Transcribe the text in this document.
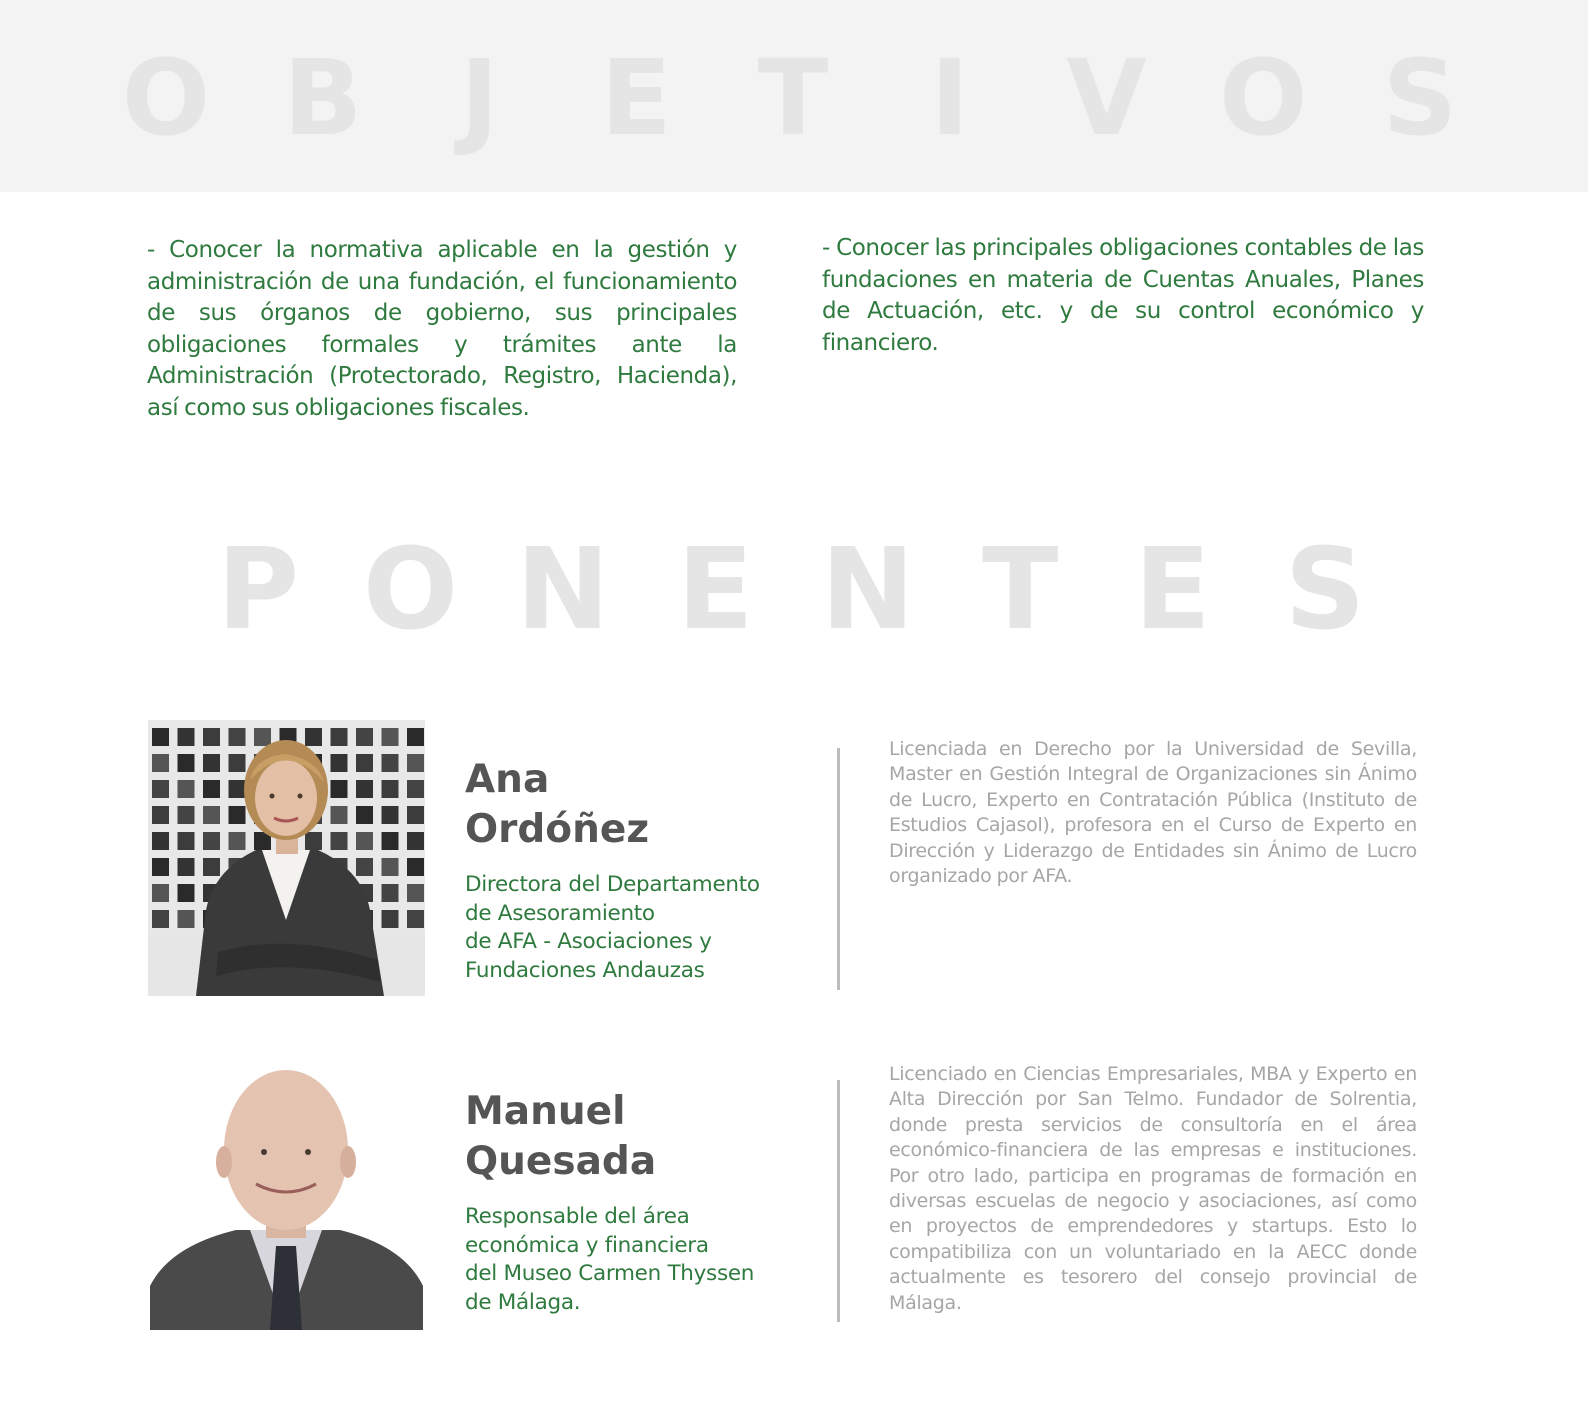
O B J E T I V O S

- Conocer la normativa aplicable en la gestión y administración de una fundación, el funcionamiento de sus órganos de gobierno, sus principales obligaciones formales y trámites ante la Administración (Protectorado, Registro, Hacienda), así como sus obligaciones fiscales.

- Conocer las principales obligaciones contables de las fundaciones en materia de Cuentas Anuales, Planes de Actuación, etc. y de su control económico y financiero.

P O N E N T E S
Ana
Ordóñez

Directora del Departamento
de Asesoramiento
de AFA - Asociaciones y
Fundaciones Andauzas

Licenciada en Derecho por la Universidad de Sevilla, Master en Gestión Integral de Organizaciones sin Ánimo de Lucro, Experto en Contratación Pública (Instituto de Estudios Cajasol), profesora en el Curso de Experto en Dirección y Liderazgo de Entidades sin Ánimo de Lucro organizado por AFA.

Manuel
Quesada

Responsable del área
económica y financiera
del Museo Carmen Thyssen
de Málaga.

Licenciado en Ciencias Empresariales, MBA y Experto en Alta Dirección por San Telmo. Fundador de Solrentia, donde presta servicios de consultoría en el área económico-financiera de las empresas e instituciones. Por otro lado, participa en programas de formación en diversas escuelas de negocio y asociaciones, así como en proyectos de emprendedores y startups. Esto lo compatibiliza con un voluntariado en la AECC donde actualmente es tesorero del consejo provincial de Málaga.
